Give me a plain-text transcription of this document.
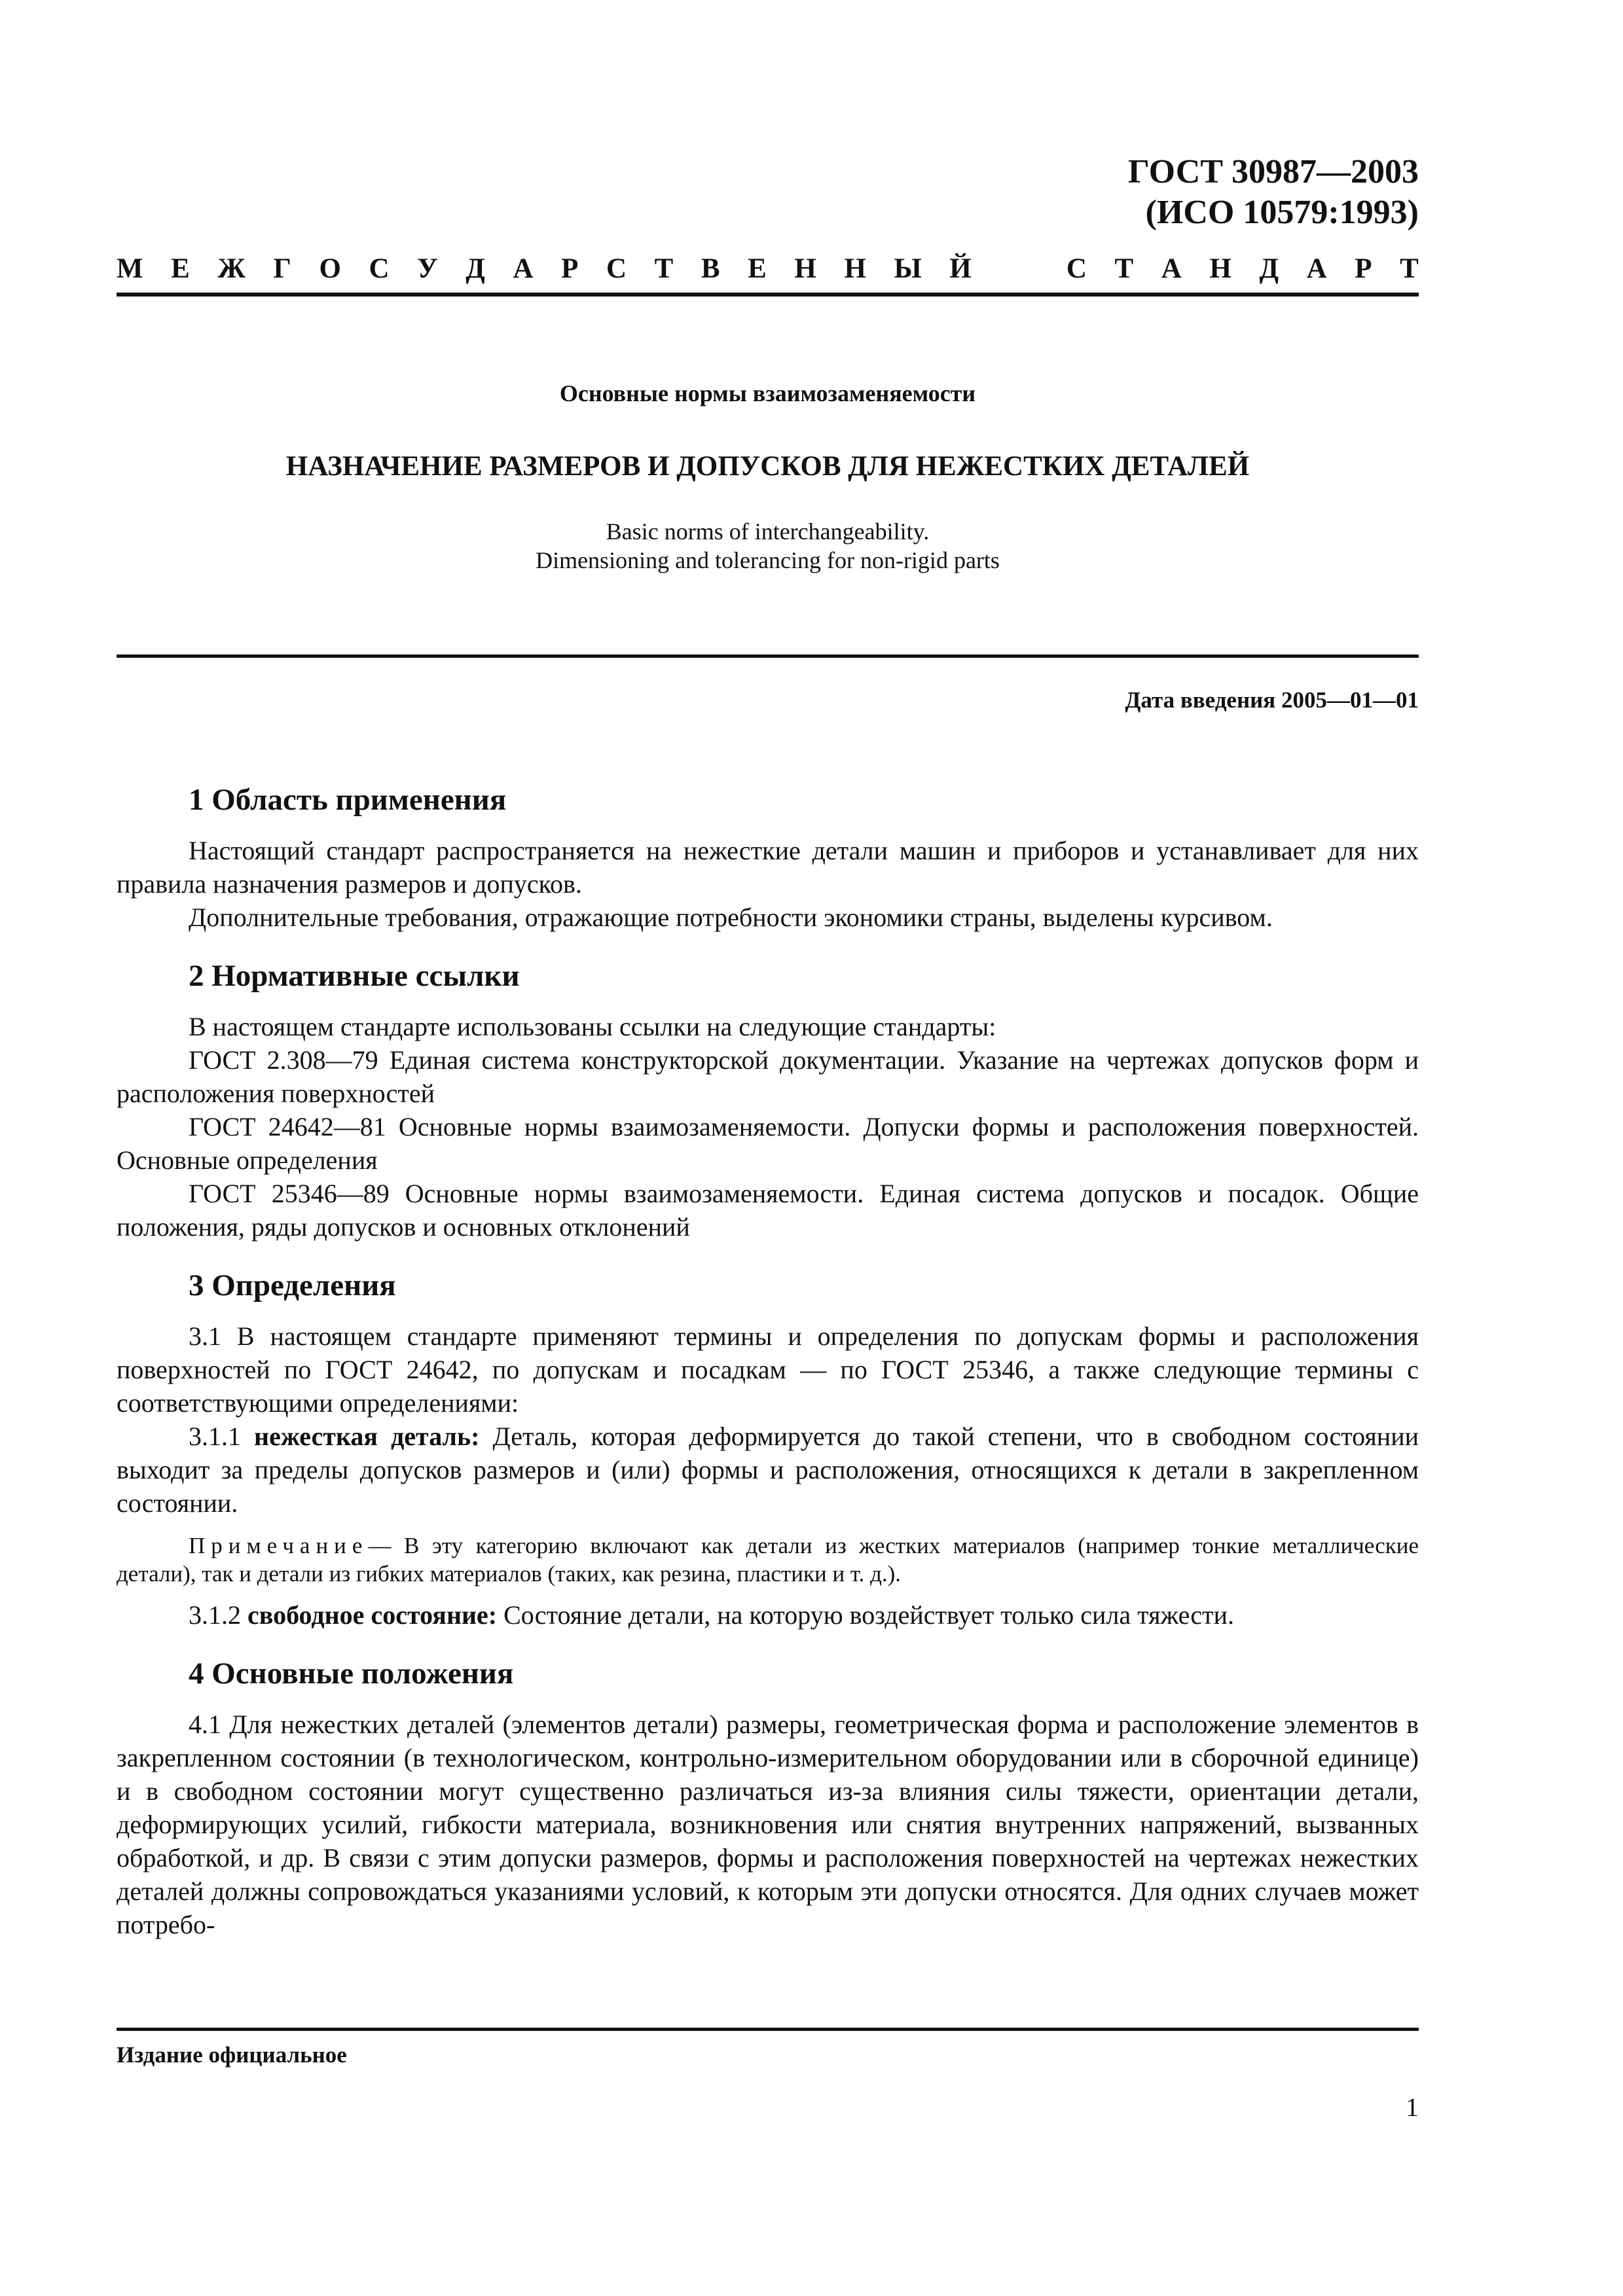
ГОСТ 30987—2003
(ИСО 10579:1993)
М Е Ж Г О С У Д А Р С Т В Е Н Н Ы Й	С Т А Н Д А Р Т
Основные нормы взаимозаменяемости
НАЗНАЧЕНИЕ РАЗМЕРОВ И ДОПУСКОВ ДЛЯ НЕЖЕСТКИХ ДЕТАЛЕЙ
Basic norms of interchangeability.
Dimensioning and tolerancing for non-rigid parts
Дата введения 2005—01—01
1 Область применения

Настоящий стандарт распространяется на нежесткие детали машин и приборов и устанавливает для них правила назначения размеров и допусков.

Дополнительные требования, отражающие потребности экономики страны, выделены курсивом.

2 Нормативные ссылки

В настоящем стандарте использованы ссылки на следующие стандарты:

ГОСТ 2.308—79 Единая система конструкторской документации. Указание на чертежах допусков форм и расположения поверхностей

ГОСТ 24642—81 Основные нормы взаимозаменяемости. Допуски формы и расположения поверхностей. Основные определения

ГОСТ 25346—89 Основные нормы взаимозаменяемости. Единая система допусков и посадок. Общие положения, ряды допусков и основных отклонений

3 Определения

3.1 В настоящем стандарте применяют термины и определения по допускам формы и расположения поверхностей по ГОСТ 24642, по допускам и посадкам — по ГОСТ 25346, а также следующие термины с соответствующими определениями:

3.1.1 нежесткая деталь: Деталь, которая деформируется до такой степени, что в свободном состоянии выходит за пределы допусков размеров и (или) формы и расположения, относящихся к детали в закрепленном состоянии.

Примечание— В эту категорию включают как детали из жестких материалов (например тонкие металлические детали), так и детали из гибких материалов (таких, как резина, пластики и т. д.).

3.1.2 свободное состояние: Состояние детали, на которую воздействует только сила тяжести.

4 Основные положения

4.1 Для нежестких деталей (элементов детали) размеры, геометрическая форма и расположение элементов в закрепленном состоянии (в технологическом, контрольно-измерительном оборудовании или в сборочной единице) и в свободном состоянии могут существенно различаться из-за влияния силы тяжести, ориентации детали, деформирующих усилий, гибкости материала, возникновения или снятия внутренних напряжений, вызванных обработкой, и др. В связи с этим допуски размеров, формы и расположения поверхностей на чертежах нежестких деталей должны сопровождаться указаниями условий, к которым эти допуски относятся. Для одних случаев может потребо-

Издание официальное
1
